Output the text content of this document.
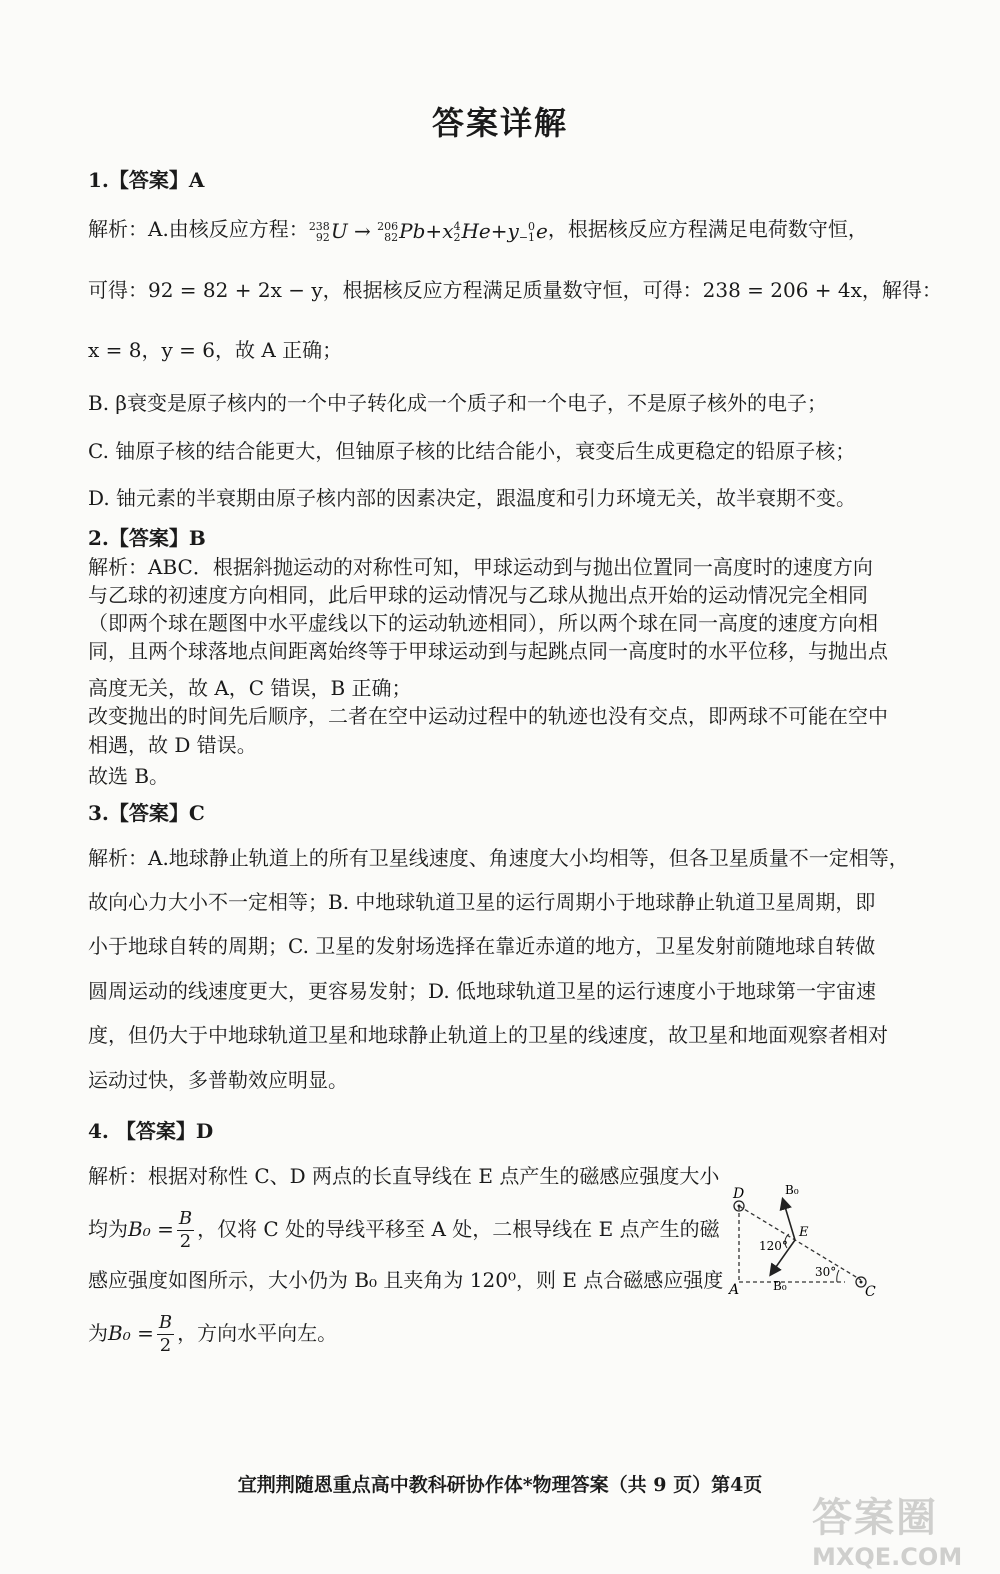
答案详解
1.【答案】A
解析：A.由核反应方程： 238
92 U → 206
82 Pb+x 4
2 He+y 0
−1 e，根据核反应方程满足电荷数守恒，
可得：92 = 82 + 2x − y，根据核反应方程满足质量数守恒，可得：238 = 206 + 4x，解得：
x = 8，y = 6，故 A 正确；
B. β衰变是原子核内的一个中子转化成一个质子和一个电子，不是原子核外的电子；
C. 铀原子核的结合能更大，但铀原子核的比结合能小，衰变后生成更稳定的铅原子核；
D. 铀元素的半衰期由原子核内部的因素决定，跟温度和引力环境无关，故半衰期不变。
2.【答案】B
解析：ABC．根据斜抛运动的对称性可知，甲球运动到与抛出位置同一高度时的速度方向
与乙球的初速度方向相同，此后甲球的运动情况与乙球从抛出点开始的运动情况完全相同
（即两个球在题图中水平虚线以下的运动轨迹相同），所以两个球在同一高度的速度方向相
同，且两个球落地点间距离始终等于甲球运动到与起跳点同一高度时的水平位移，与抛出点
高度无关，故 A，C 错误，B 正确；
改变抛出的时间先后顺序，二者在空中运动过程中的轨迹也没有交点，即两球不可能在空中
相遇，故 D 错误。
故选 B。
3.【答案】C
解析：A.地球静止轨道上的所有卫星线速度、角速度大小均相等，但各卫星质量不一定相等，
故向心力大小不一定相等；B. 中地球轨道卫星的运行周期小于地球静止轨道卫星周期，即
小于地球自转的周期；C. 卫星的发射场选择在靠近赤道的地方，卫星发射前随地球自转做
圆周运动的线速度更大，更容易发射；D. 低地球轨道卫星的运行速度小于地球第一宇宙速
度，但仍大于中地球轨道卫星和地球静止轨道上的卫星的线速度，故卫星和地面观察者相对
运动过快，多普勒效应明显。
4. 【答案】D
解析：根据对称性 C、D 两点的长直导线在 E 点产生的磁感应强度大小
均为$B_0 = \frac{B}{2}$ ，仅将 C 处的导线平移至 A 处，二根导线在 E 点产生的磁
感应强度如图所示，大小仍为 B₀ 且夹角为 120⁰，则 E 点合磁感应强度
为$B_0 = \frac{B}{2}$ ，方向水平向左。
D
A	C
E
B₀
B₀
120°
30°
宜荆荆随恩重点高中教科研协作体*物理答案（共 9 页）第4页
答案圈
MXQE.COM
